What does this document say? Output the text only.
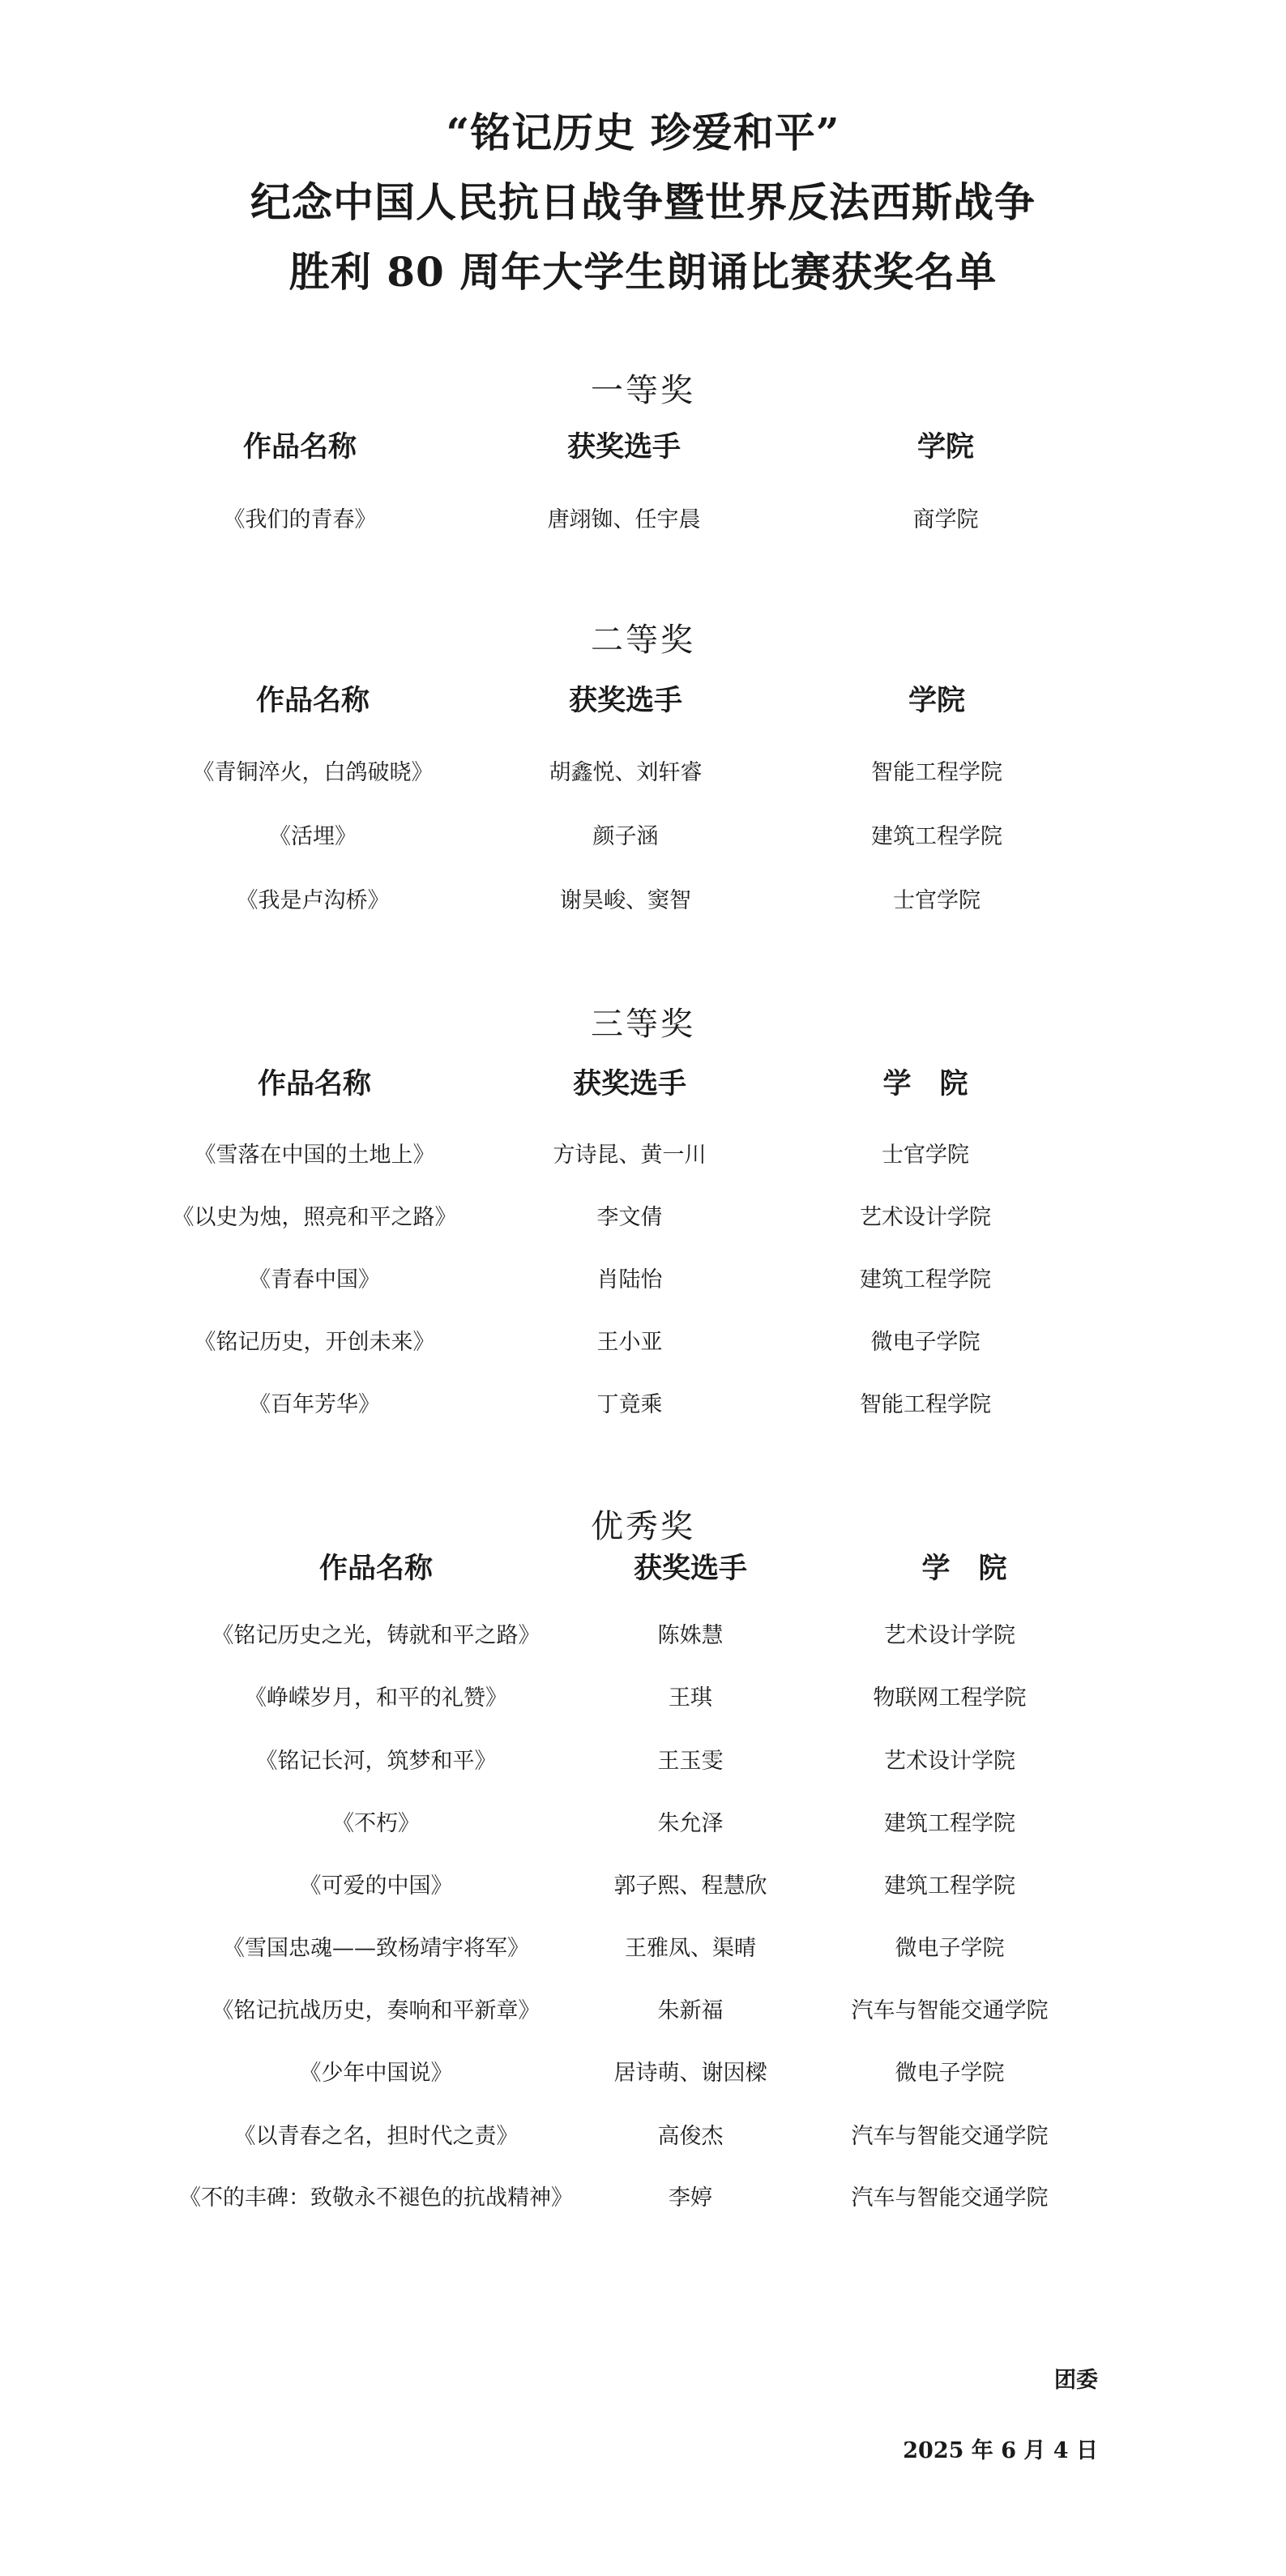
“铭记历史 珍爱和平”
纪念中国人民抗日战争暨世界反法西斯战争
胜利 80 周年大学生朗诵比赛获奖名单
一等奖
作品名称	获奖选手	学院
《我们的青春》	唐翊铷、任宇晨	商学院
二等奖
作品名称	获奖选手	学院
《青铜淬火，白鸽破晓》	胡鑫悦、刘轩睿	智能工程学院
《活埋》	颜子涵	建筑工程学院
《我是卢沟桥》	谢昊峻、窦智	士官学院
三等奖
作品名称	获奖选手	学　院
《雪落在中国的土地上》	方诗昆、黄一川	士官学院
《以史为烛，照亮和平之路》	李文倩	艺术设计学院
《青春中国》	肖陆怡	建筑工程学院
《铭记历史，开创未来》	王小亚	微电子学院
《百年芳华》	丁竟乘	智能工程学院
优秀奖
作品名称	获奖选手	学　院
《铭记历史之光，铸就和平之路》	陈姝慧	艺术设计学院
《峥嵘岁月，和平的礼赞》	王琪	物联网工程学院
《铭记长河，筑梦和平》	王玉雯	艺术设计学院
《不朽》	朱允泽	建筑工程学院
《可爱的中国》	郭子熙、程慧欣	建筑工程学院
《雪国忠魂——致杨靖宇将军》	王雅凤、渠晴	微电子学院
《铭记抗战历史，奏响和平新章》	朱新福	汽车与智能交通学院
《少年中国说》	居诗萌、谢因樑	微电子学院
《以青春之名，担时代之责》	高俊杰	汽车与智能交通学院
《不的丰碑：致敬永不褪色的抗战精神》	李婷	汽车与智能交通学院
团委
2025 年 6 月 4 日
